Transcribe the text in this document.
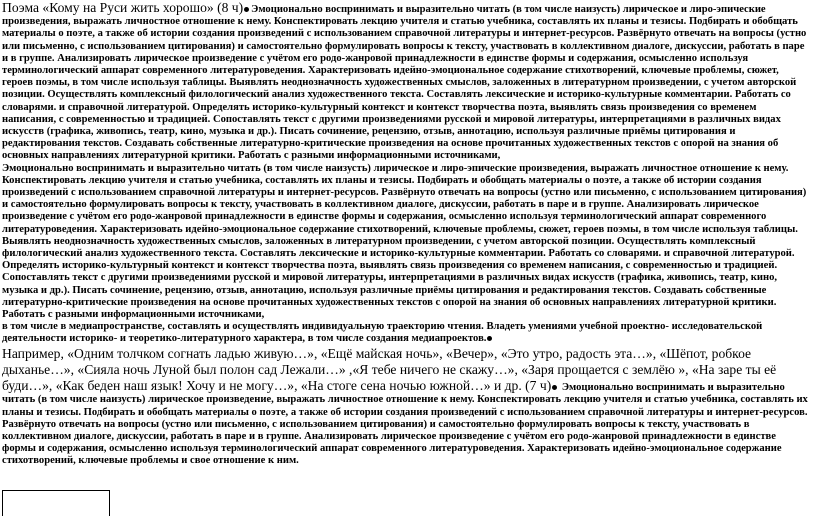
Поэма «Кому на Руси жить хорошо» (8 ч) Эмоционально воспринимать и выразительно читать (в том числе наизусть) лирическое и лиро-эпические произведения, выражать личностное отношение к нему. Конспектировать лекцию учителя и статью учебника, составлять их планы и тезисы. Подбирать и обобщать материалы о поэте, а также об истории создания произведений с использованием справочной литературы и интернет-ресурсов. Развёрнуто отвечать на вопросы (устно или письменно, с использованием цитирования) и самостоятельно формулировать вопросы к тексту, участвовать в коллективном диалоге, дискуссии, работать в паре и в группе. Анализировать лирическое произведение с учётом его родо-жанровой принадлежности в единстве формы и содержания, осмысленно используя терминологический аппарат современного литературоведения. Характеризовать идейно-эмоциональное содержание стихотворений, ключевые проблемы, сюжет, героев поэмы, в том числе используя таблицы. Выявлять неоднозначность художественных смыслов, заложенных в литературном произведении, с учетом авторской позиции. Осуществлять комплексный филологический анализ художественного текста. Составлять лексические и историко-культурные комментарии. Работать со словарями. и справочной литературой. Определять историко-культурный контекст и контекст творчества поэта, выявлять связь произведения со временем написания, с современностью и традицией. Сопоставлять текст с другими произведениями русской и мировой литературы, интерпретациями в различных видах искусств (графика, живопись, театр, кино, музыка и др.). Писать сочинение, рецензию, отзыв, аннотацию, используя различные приёмы цитирования и редактирования текстов. Создавать собственные литературно-критические произведения на основе прочитанных художественных текстов с опорой на знания об основных направлениях литературной критики. Работать с разными информационными источниками,

Эмоционально воспринимать и выразительно читать (в том числе наизусть) лирическое и лиро-эпические произведения, выражать личностное отношение к нему. Конспектировать лекцию учителя и статью учебника, составлять их планы и тезисы. Подбирать и обобщать материалы о поэте, а также об истории создания произведений с использованием справочной литературы и интернет-ресурсов. Развёрнуто отвечать на вопросы (устно или письменно, с использованием цитирования) и самостоятельно формулировать вопросы к тексту, участвовать в коллективном диалоге, дискуссии, работать в паре и в группе. Анализировать лирическое произведение с учётом его родо-жанровой принадлежности в единстве формы и содержания, осмысленно используя терминологический аппарат современного литературоведения. Характеризовать идейно-эмоциональное содержание стихотворений, ключевые проблемы, сюжет, героев поэмы, в том числе используя таблицы. Выявлять неоднозначность художественных смыслов, заложенных в литературном произведении, с учетом авторской позиции. Осуществлять комплексный филологический анализ художественного текста. Составлять лексические и историко-культурные комментарии. Работать со словарями. и справочной литературой. Определять историко-культурный контекст и контекст творчества поэта, выявлять связь произведения со временем написания, с современностью и традицией. Сопоставлять текст с другими произведениями русской и мировой литературы, интерпретациями в различных видах искусств (графика, живопись, театр, кино, музыка и др.). Писать сочинение, рецензию, отзыв, аннотацию, используя различные приёмы цитирования и редактирования текстов. Создавать собственные литературно-критические произведения на основе прочитанных художественных текстов с опорой на знания об основных направлениях литературной критики. Работать с разными информационными источниками,

в том числе в медиапространстве, составлять и осуществлять индивидуальную траекторию чтения. Владеть умениями учебной проектно- исследовательской деятельности историко- и теоретико-литературного характера, в том числе создания медиапроектов.

Например, «Одним толчком согнать ладью живую…», «Ещё майская ночь», «Вечер», «Это утро, радость эта…», «Шёпот, робкое дыханье…», «Сияла ночь Луной был полон сад Лежали…» ,«Я тебе ничего не скажу…», «Заря прощается с землёю », «На заре ты её буди…», «Как беден наш язык! Хочу и не могу…», «На стоге сена ночью южной…» и др. (7 ч) Эмоционально воспринимать и выразительно читать (в том числе наизусть) лирическое произведение, выражать личностное отношение к нему. Конспектировать лекцию учителя и статью учебника, составлять их планы и тезисы. Подбирать и обобщать материалы о поэте, а также об истории создания произведений с использованием справочной литературы и интернет-ресурсов. Развёрнуто отвечать на вопросы (устно или письменно, с использованием цитирования) и самостоятельно формулировать вопросы к тексту, участвовать в коллективном диалоге, дискуссии, работать в паре и в группе. Анализировать лирическое произведение с учётом его родо-жанровой принадлежности в единстве формы и содержания, осмысленно используя терминологический аппарат современного литературоведения. Характеризовать идейно-эмоциональное содержание стихотворений, ключевые проблемы и свое отношение к ним.
